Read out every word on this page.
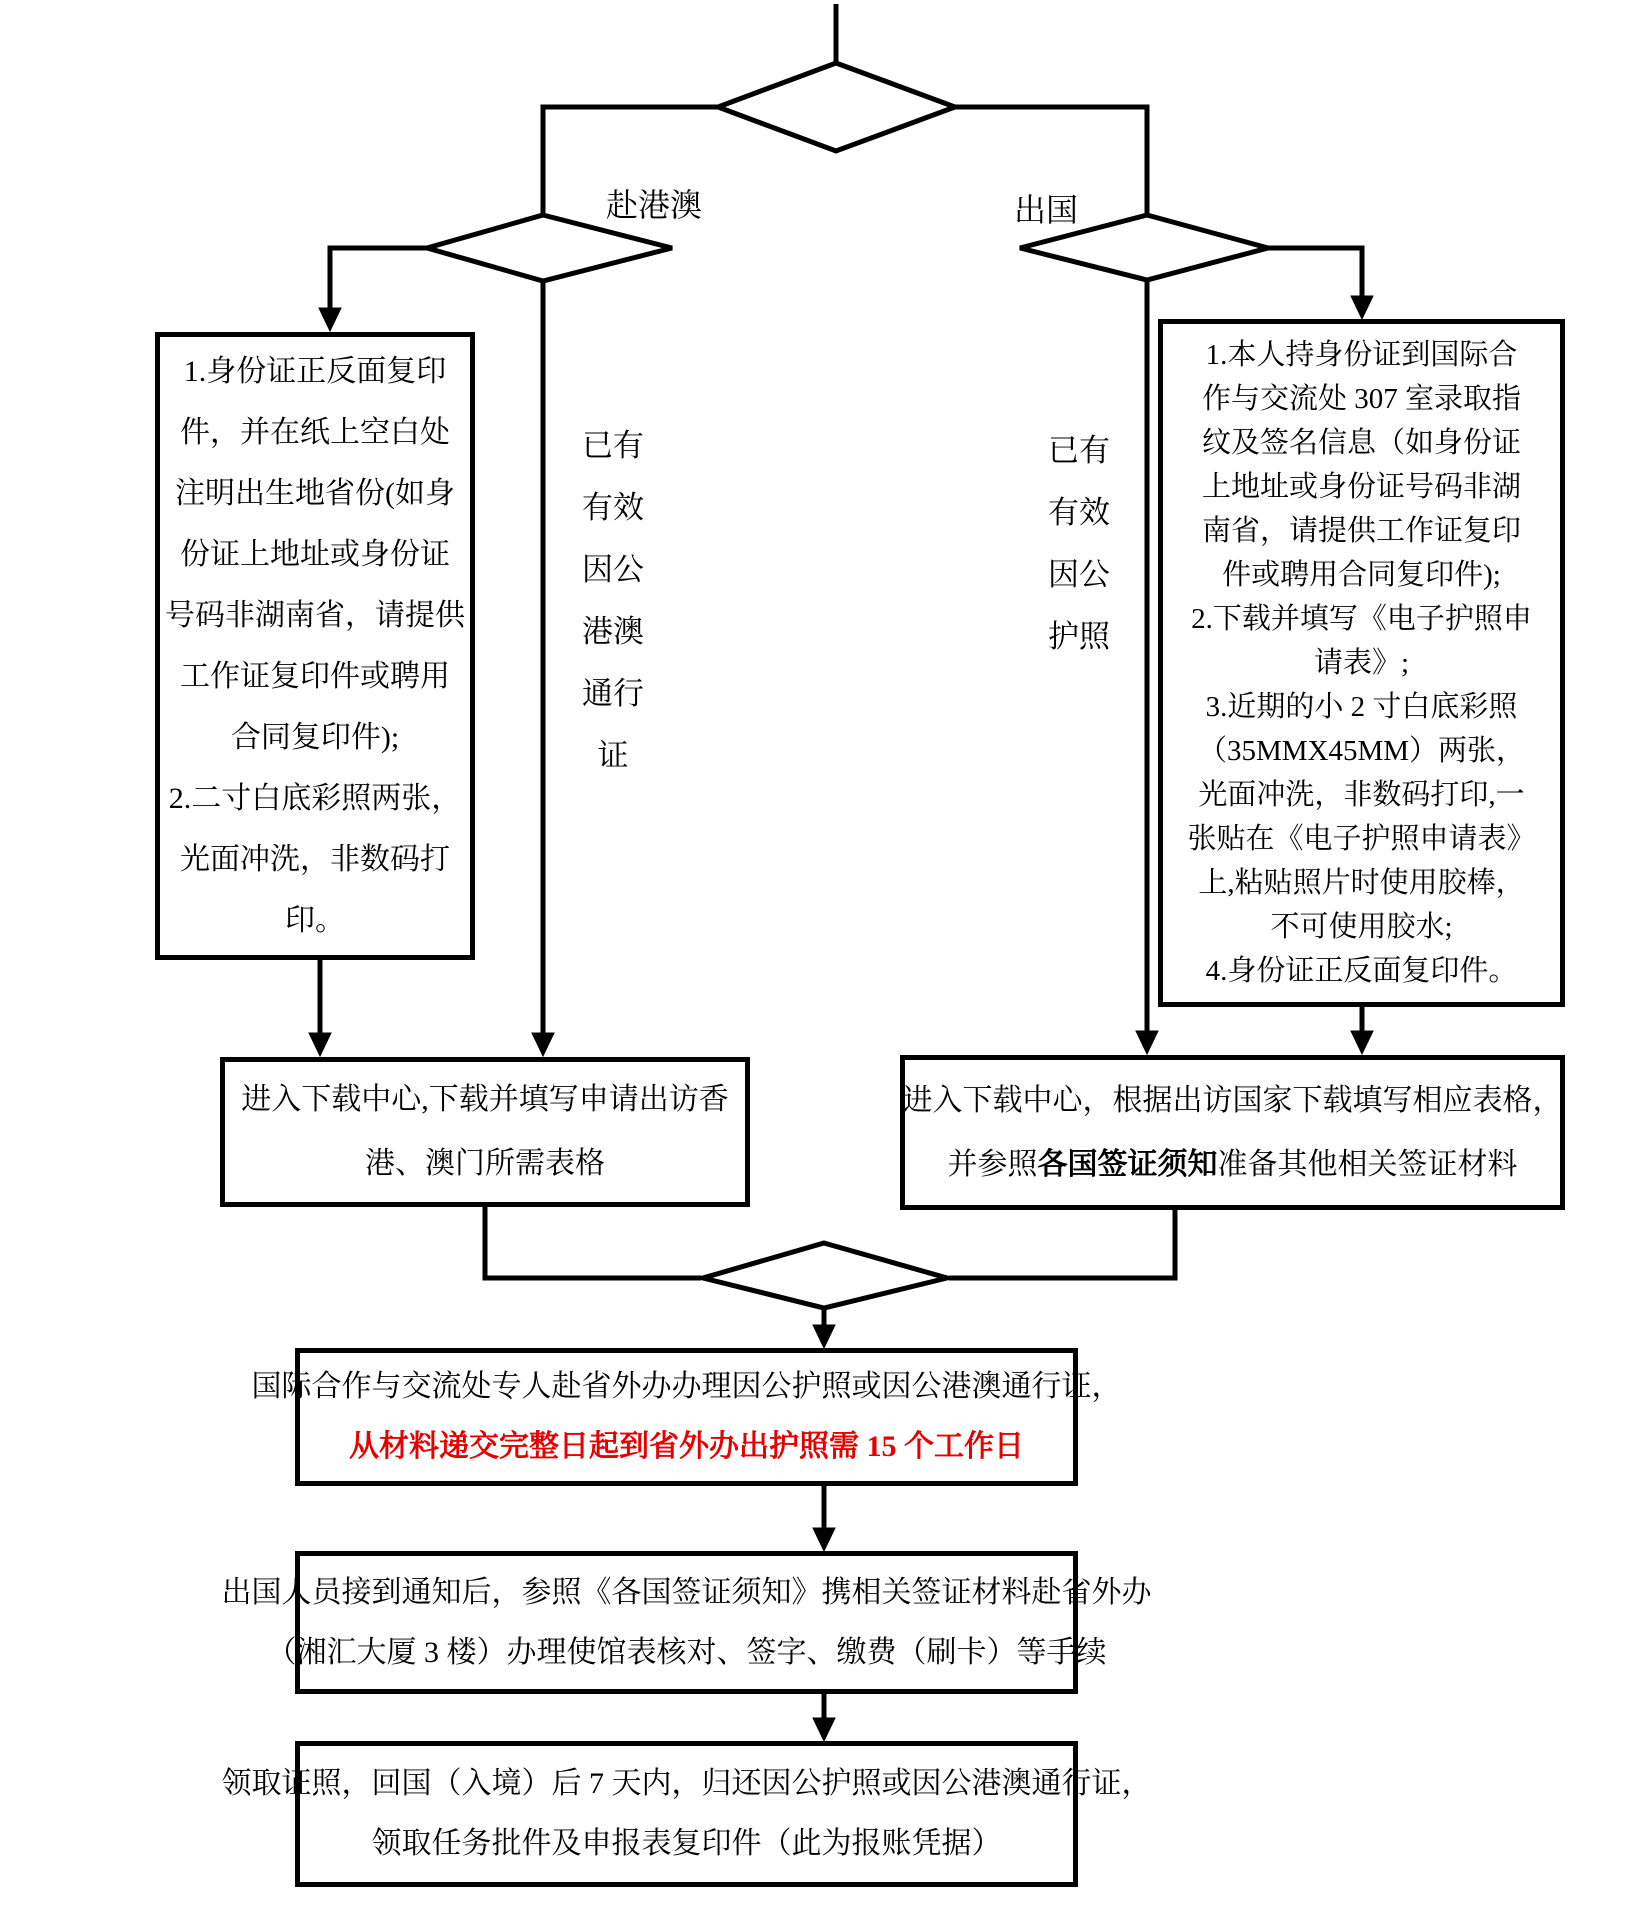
赴港澳	出国
已有
有效
因公
港澳
通行
证
已有
有效
因公
护照
1.身份证正反面复印
件，并在纸上空白处
注明出生地省份(如身
份证上地址或身份证
号码非湖南省，请提供
工作证复印件或聘用
合同复印件);
2.二寸白底彩照两张，
光面冲洗，非数码打
印。
1.本人持身份证到国际合
作与交流处 307 室录取指
纹及签名信息（如身份证
上地址或身份证号码非湖
南省，请提供工作证复印
件或聘用合同复印件);
2.下载并填写《电子护照申
请表》;
3.近期的小 2 寸白底彩照
（35MMX45MM）两张，
光面冲洗，非数码打印,一
张贴在《电子护照申请表》
上,粘贴照片时使用胶棒，
不可使用胶水;
4.身份证正反面复印件。
进入下载中心,下载并填写申请出访香
港、澳门所需表格
进入下载中心，根据出访国家下载填写相应表格，
并参照各国签证须知准备其他相关签证材料
国际合作与交流处专人赴省外办办理因公护照或因公港澳通行证，
从材料递交完整日起到省外办出护照需 15 个工作日
出国人员接到通知后，参照《各国签证须知》携相关签证材料赴省外办
（湘汇大厦 3 楼）办理使馆表核对、签字、缴费（刷卡）等手续
领取证照，回国（入境）后 7 天内，归还因公护照或因公港澳通行证，
领取任务批件及申报表复印件（此为报账凭据）
